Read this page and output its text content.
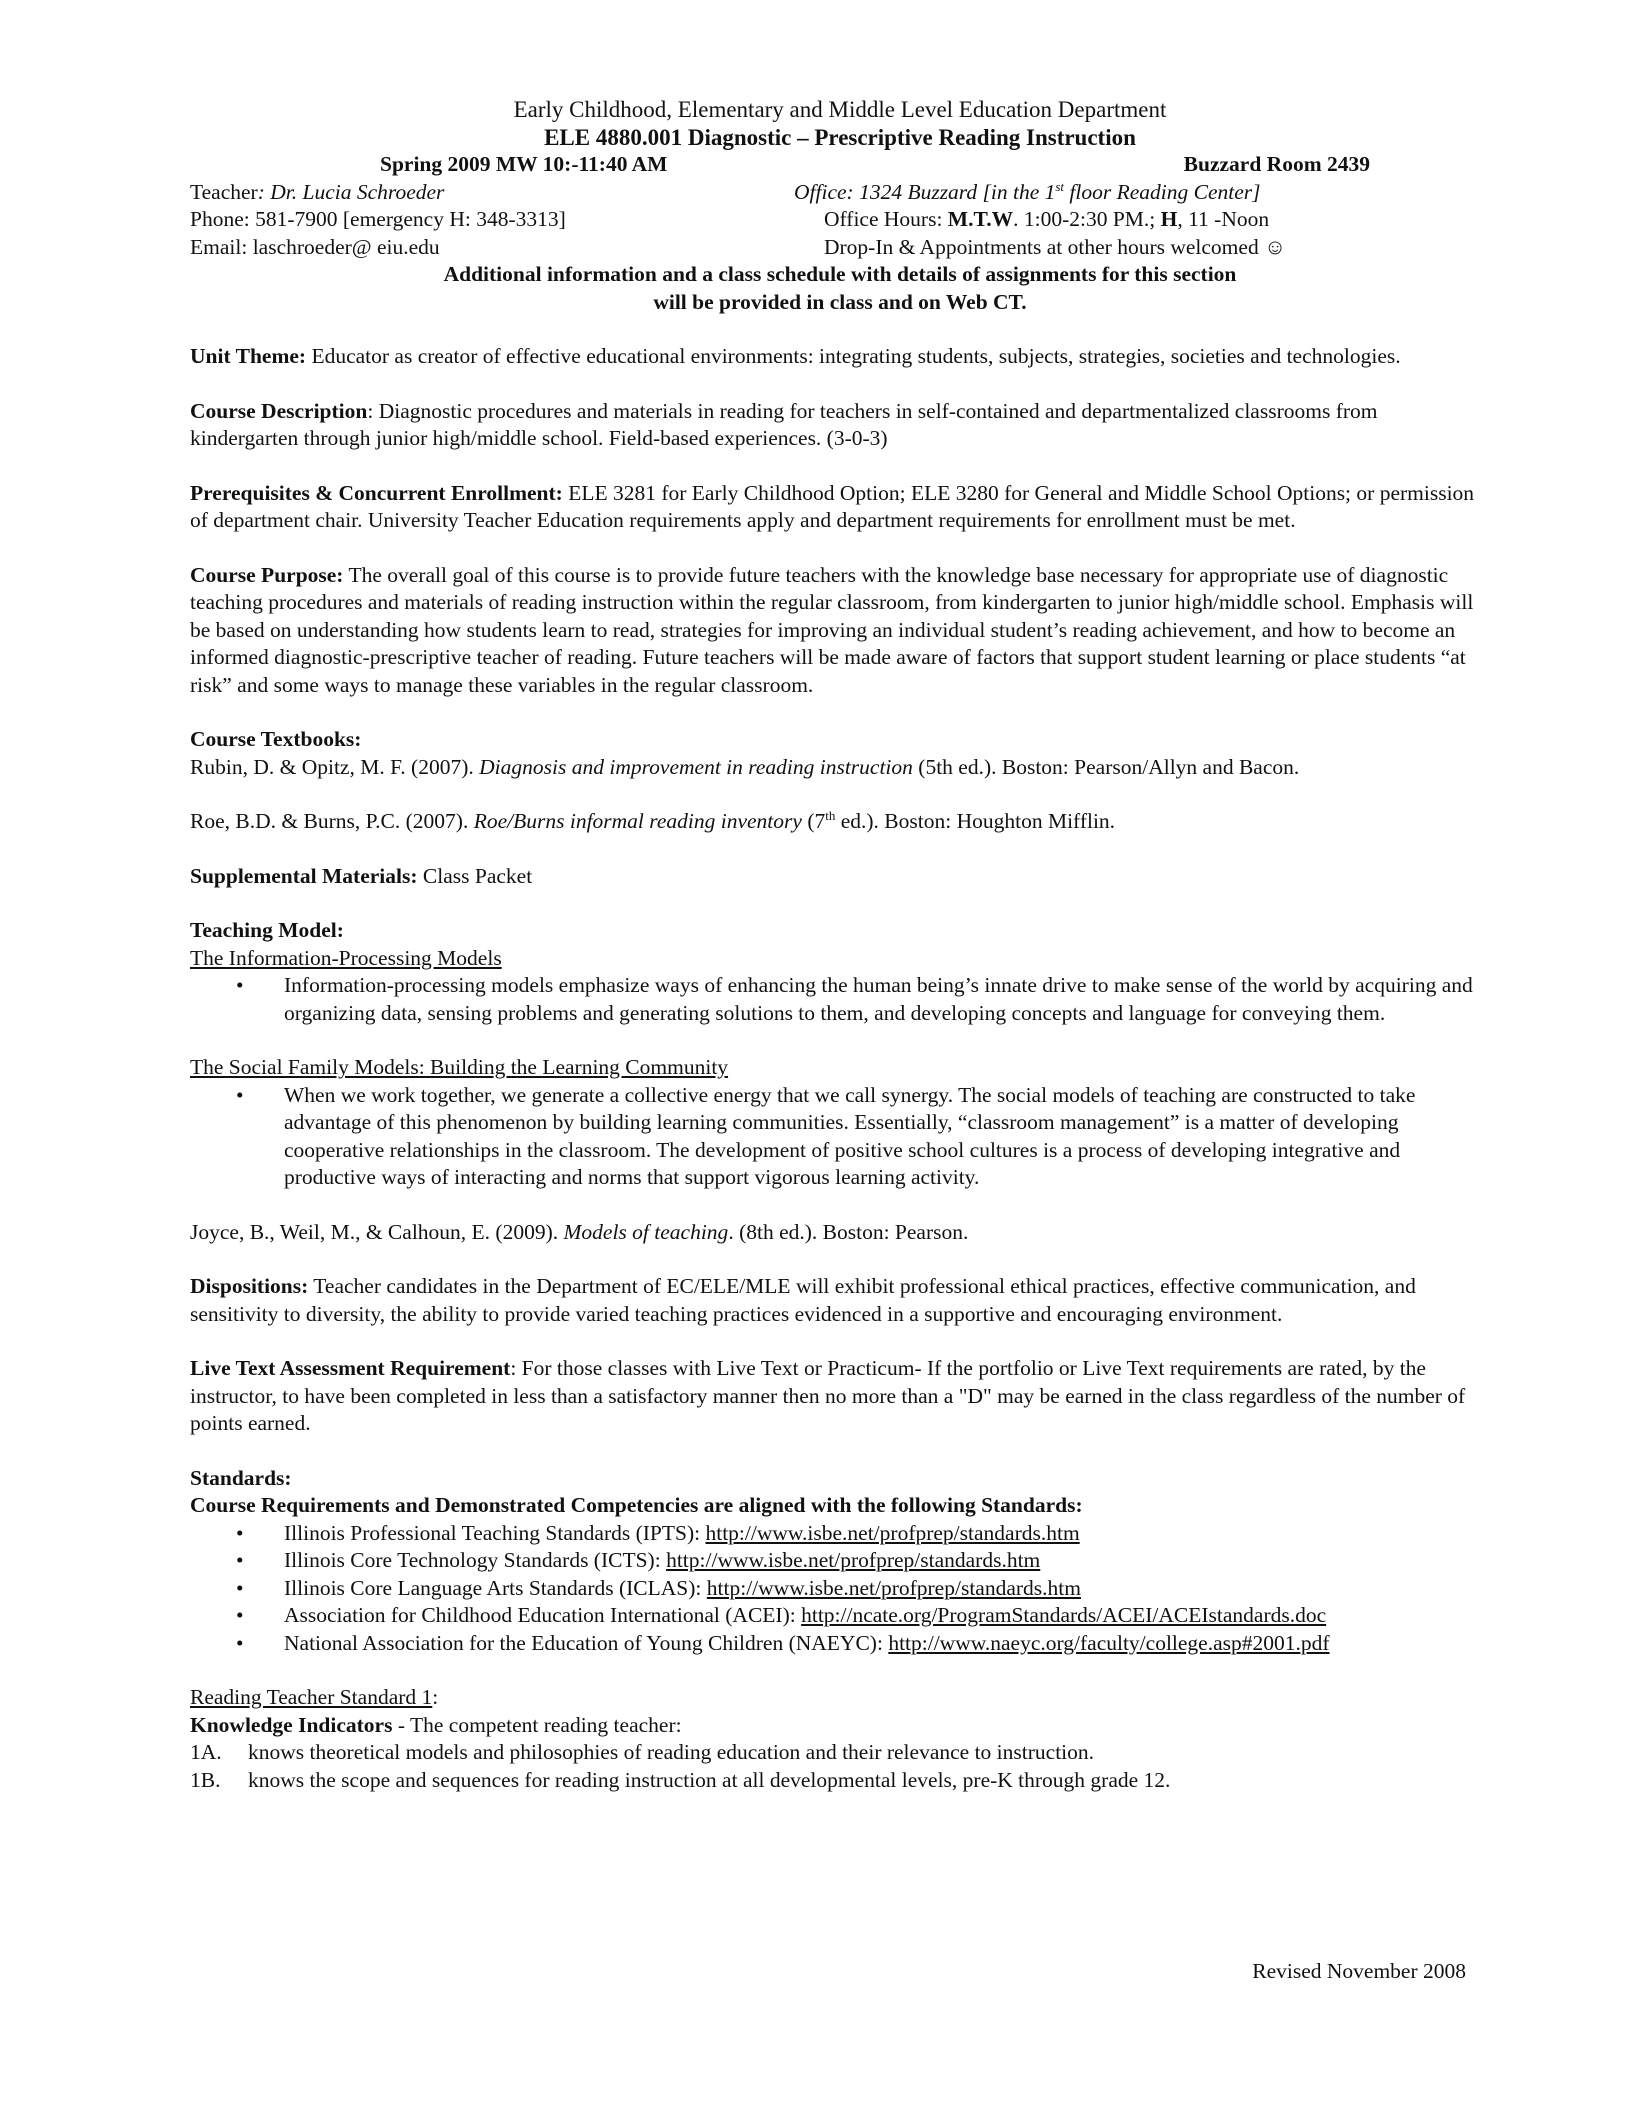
Early Childhood, Elementary and Middle Level Education Department
ELE 4880.001 Diagnostic – Prescriptive Reading Instruction
Spring 2009 MW 10:-11:40 AM	Buzzard Room 2439
Teacher: Dr. Lucia Schroeder	Office: 1324 Buzzard [in the 1st floor Reading Center]
Phone: 581-7900 [emergency H: 348-3313]	Office Hours: M.T.W. 1:00-2:30 PM.; H, 11 -Noon
Email: laschroeder@ eiu.edu	Drop-In & Appointments at other hours welcomed ☺
Additional information and a class schedule with details of assignments for this section
will be provided in class and on Web CT.

Unit Theme: Educator as creator of effective educational environments: integrating students, subjects, strategies, societies and technologies.

Course Description: Diagnostic procedures and materials in reading for teachers in self-contained and departmentalized classrooms from kindergarten through junior high/middle school. Field-based experiences. (3-0-3)

Prerequisites & Concurrent Enrollment: ELE 3281 for Early Childhood Option; ELE 3280 for General and Middle School Options; or permission of department chair. University Teacher Education requirements apply and department requirements for enrollment must be met.

Course Purpose: The overall goal of this course is to provide future teachers with the knowledge base necessary for appropriate use of diagnostic teaching procedures and materials of reading instruction within the regular classroom, from kindergarten to junior high/middle school. Emphasis will be based on understanding how students learn to read, strategies for improving an individual student’s reading achievement, and how to become an informed diagnostic-prescriptive teacher of reading. Future teachers will be made aware of factors that support student learning or place students “at risk” and some ways to manage these variables in the regular classroom.

Course Textbooks:

Rubin, D. & Opitz, M. F. (2007). Diagnosis and improvement in reading instruction (5th ed.). Boston: Pearson/Allyn and Bacon.

Roe, B.D. & Burns, P.C. (2007). Roe/Burns informal reading inventory (7th ed.). Boston: Houghton Mifflin.

Supplemental Materials: Class Packet

Teaching Model:

The Information-Processing Models

• Information-processing models emphasize ways of enhancing the human being’s innate drive to make sense of the world by acquiring and organizing data, sensing problems and generating solutions to them, and developing concepts and language for conveying them.

The Social Family Models: Building the Learning Community

• When we work together, we generate a collective energy that we call synergy. The social models of teaching are constructed to take advantage of this phenomenon by building learning communities. Essentially, “classroom management” is a matter of developing cooperative relationships in the classroom. The development of positive school cultures is a process of developing integrative and productive ways of interacting and norms that support vigorous learning activity.

Joyce, B., Weil, M., & Calhoun, E. (2009). Models of teaching. (8th ed.). Boston: Pearson.

Dispositions: Teacher candidates in the Department of EC/ELE/MLE will exhibit professional ethical practices, effective communication, and sensitivity to diversity, the ability to provide varied teaching practices evidenced in a supportive and encouraging environment.

Live Text Assessment Requirement: For those classes with Live Text or Practicum- If the portfolio or Live Text requirements are rated, by the instructor, to have been completed in less than a satisfactory manner then no more than a "D" may be earned in the class regardless of the number of points earned.

Standards:

Course Requirements and Demonstrated Competencies are aligned with the following Standards:

• Illinois Professional Teaching Standards (IPTS): http://www.isbe.net/profprep/standards.htm
• Illinois Core Technology Standards (ICTS): http://www.isbe.net/profprep/standards.htm
• Illinois Core Language Arts Standards (ICLAS): http://www.isbe.net/profprep/standards.htm
• Association for Childhood Education International (ACEI): http://ncate.org/ProgramStandards/ACEI/ACEIstandards.doc
• National Association for the Education of Young Children (NAEYC): http://www.naeyc.org/faculty/college.asp#2001.pdf

Reading Teacher Standard 1:

Knowledge Indicators - The competent reading teacher:

1A.	knows theoretical models and philosophies of reading education and their relevance to instruction.
1B.	knows the scope and sequences for reading instruction at all developmental levels, pre-K through grade 12.
Revised November 2008
